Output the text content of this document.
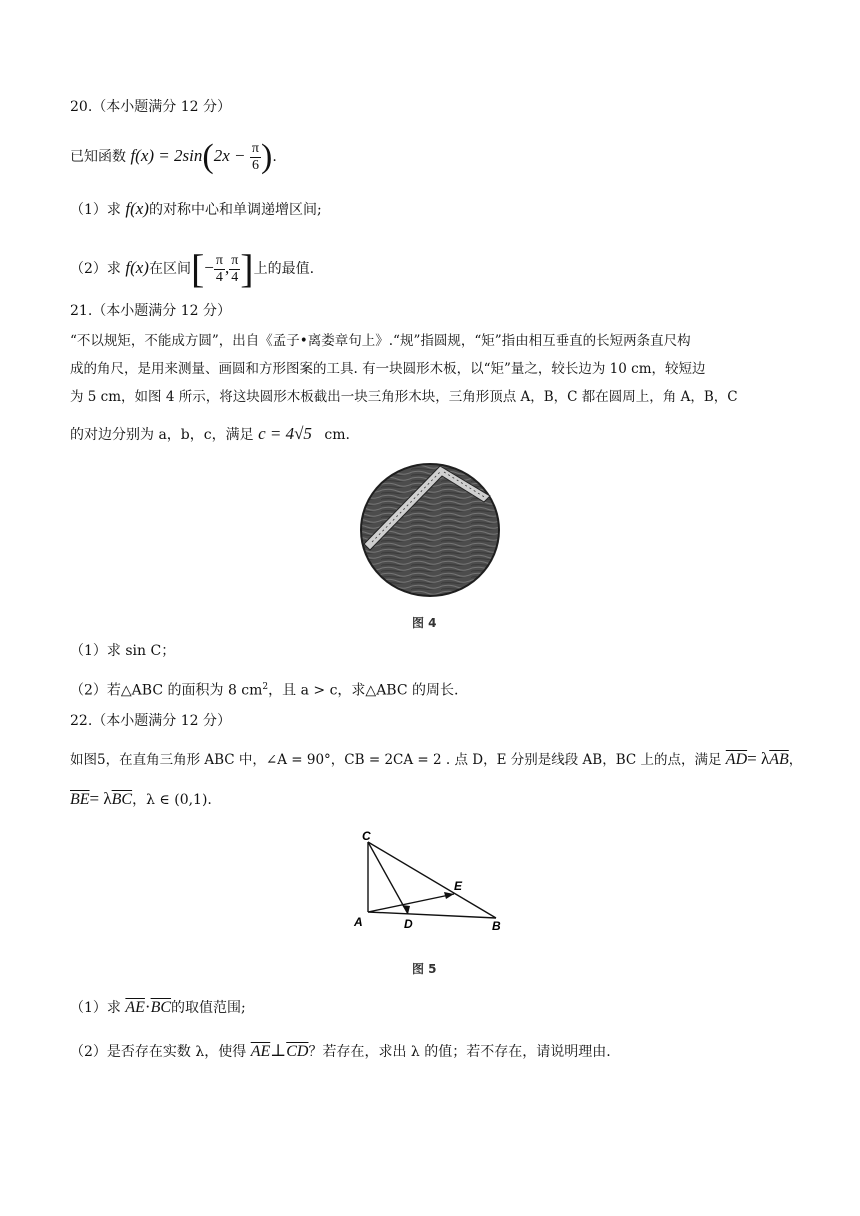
20.（本小题满分 12 分）
已知函数 $f(x) = 2\sin(2x - \frac{\pi}{6}$ ).
（1）求 f(x)的对称中心和单调递增区间;
（2）求 f(x)在区间[− $\frac{\pi}{4}$ , $\frac{\pi}{4}$ ]上的最值.
21.（本小题满分 12 分）
“不以规矩，不能成方圆”，出自《孟子•离娄章句上》.“规”指圆规，“矩”指由相互垂直的长短两条直尺构
成的角尺，是用来测量、画圆和方形图案的工具. 有一块圆形木板，以“矩”量之，较长边为 10 cm，较短边
为 5 cm，如图 4 所示，将这块圆形木板截出一块三角形木块，三角形顶点 A，B，C 都在圆周上，角 A，B，C
的对边分别为 a，b，c，满足 c = 4√5 cm.
图 4
（1）求 sin C；
（2）若△ABC 的面积为 8 $cm^2$，且 a > c，求△ABC 的周长.
22.（本小题满分 12 分）
如图5，在直角三角形 ABC 中，∠A = 90°，CB = 2CA = 2 . 点 D，E 分别是线段 AB，BC 上的点，满足 $\overline{AD}= \lambda\overline{AB}$，
$\overline{BE}= \lambda\overline{BC}$，λ ∈ (0,1).
C
E
A	D	B
图 5
（1）求 $\overline{AE}\cdot\overline{BC}$的取值范围;
（2）是否存在实数 λ，使得 $\overline{AE}\perp\overline{CD}$？若存在，求出 λ 的值；若不存在，请说明理由.
